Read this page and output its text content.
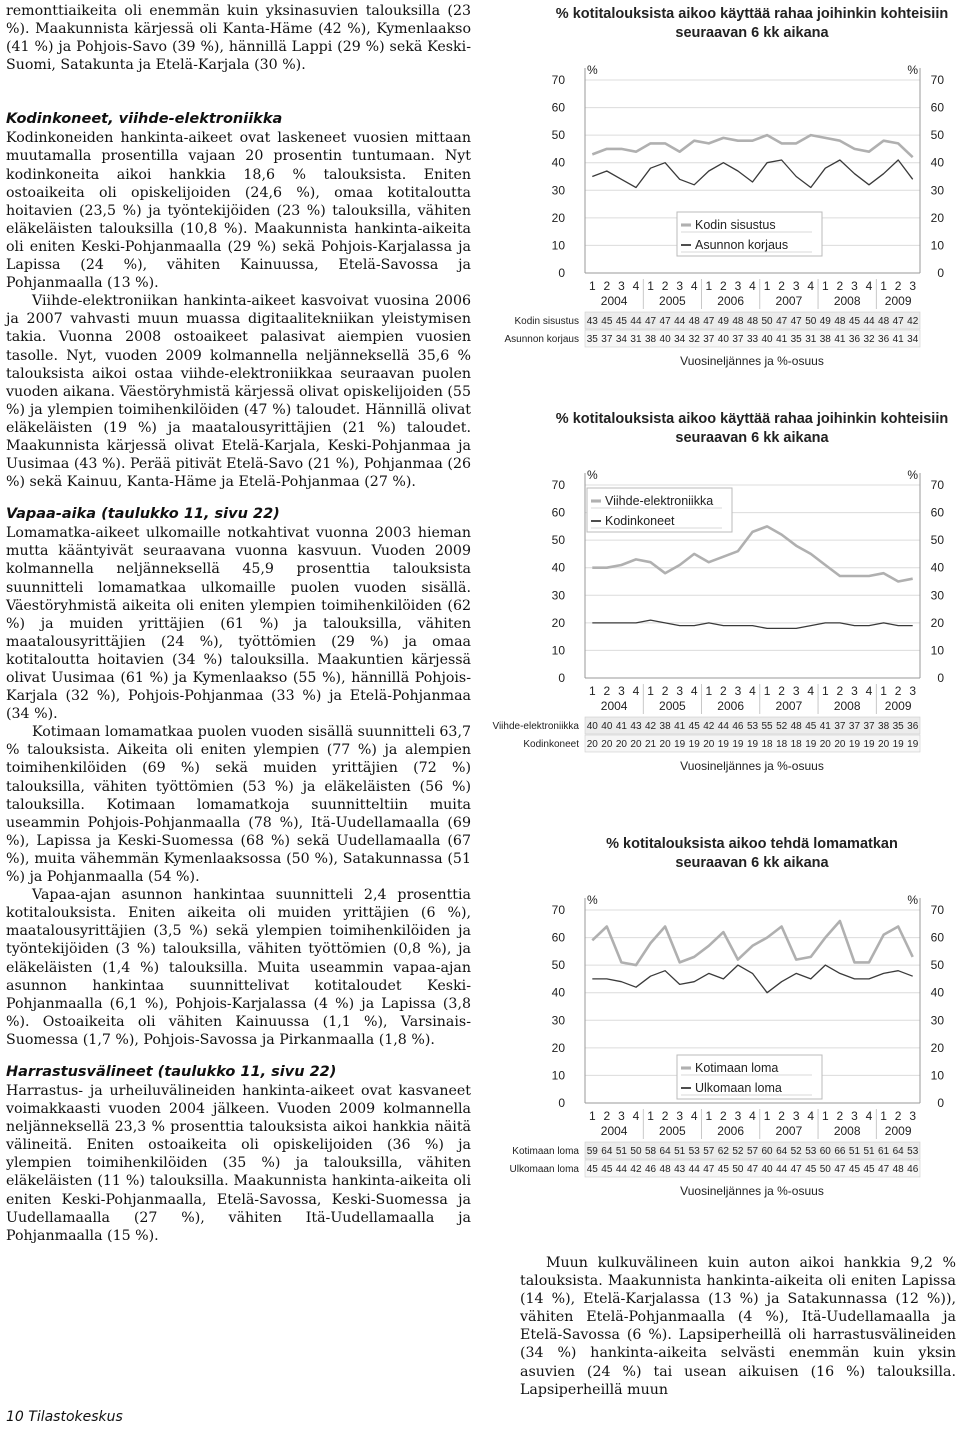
remonttiaikeita oli enemmän kuin yksinasuvien talouksilla (23 %). Maakunnista kärjessä oli Kanta-Häme (42 %), Kymenlaakso (41 %) ja Pohjois-Savo (39 %), hännillä Lappi (29 %) sekä Keski-Suomi, Satakunta ja Etelä-Karjala (30 %).

Kodinkoneet, viihde-elektroniikka

Kodinkoneiden hankinta-aikeet ovat laskeneet vuosien mittaan muutamalla prosentilla vajaan 20 prosentin tuntumaan. Nyt kodinkoneita aikoi hankkia 18,6 % talouksista. Eniten ostoaikeita oli opiskelijoiden (24,6 %), omaa kotitaloutta hoitavien (23,5 %) ja työntekijöiden (23 %) talouksilla, vähiten eläkeläisten talouksilla (10,8 %). Maakunnista hankinta-aikeita oli eniten Keski-Pohjanmaalla (29 %) sekä Pohjois-Karjalassa ja Lapissa (24 %), vähiten Kainuussa, Etelä-Savossa ja Pohjanmaalla (13 %).

Viihde-elektroniikan hankinta-aikeet kasvoivat vuosina 2006 ja 2007 vahvasti muun muassa digitaalitekniikan yleistymisen takia. Vuonna 2008 ostoaikeet palasivat aiempien vuosien tasolle. Nyt, vuoden 2009 kolmannella neljänneksellä 35,6 % talouksista aikoi ostaa viihde-elektroniikkaa seuraavan puolen vuoden aikana. Väestöryhmistä kärjessä olivat opiskelijoiden (55 %) ja ylempien toimihenkilöiden (47 %) taloudet. Hännillä olivat eläkeläisten (19 %) ja maatalousyrittäjien (21 %) taloudet. Maakunnista kärjessä olivat Etelä-Karjala, Keski-Pohjanmaa ja Uusimaa (43 %). Perää pitivät Etelä-Savo (21 %), Pohjanmaa (26 %) sekä Kainuu, Kanta-Häme ja Etelä-Pohjanmaa (27 %).

Vapaa-aika (taulukko 11, sivu 22)

Lomamatka-aikeet ulkomaille notkahtivat vuonna 2003 hieman mutta kääntyivät seuraavana vuonna kasvuun. Vuoden 2009 kolmannella neljänneksellä 45,9 prosenttia talouksista suunnitteli lomamatkaa ulkomaille puolen vuoden sisällä. Väestöryhmistä aikeita oli eniten ylempien toimihenkilöiden (62 %) ja muiden yrittäjien (61 %) ja talouksilla, vähiten maatalousyrittäjien (24 %), työttömien (29 %) ja omaa kotitaloutta hoitavien (34 %) talouksilla. Maakuntien kärjessä olivat Uusimaa (61 %) ja Kymenlaakso (55 %), hännillä Pohjois-Karjala (32 %), Pohjois-Pohjanmaa (33 %) ja Etelä-Pohjanmaa (34 %).

Kotimaan lomamatkaa puolen vuoden sisällä suunnitteli 63,7 % talouksista. Aikeita oli eniten ylempien (77 %) ja alempien toimihenkilöiden (69 %) sekä muiden yrittäjien (72 %) talouksilla, vähiten työttömien (53 %) ja eläkeläisten (56 %) talouksilla. Kotimaan lomamatkoja suunnitteltiin muita useammin Pohjois-Pohjanmaalla (78 %), Itä-Uudellamaalla (69 %), Lapissa ja Keski-Suomessa (68 %) sekä Uudellamaalla (67 %), muita vähemmän Kymenlaaksossa (50 %), Satakunnassa (51 %) ja Pohjanmaalla (54 %).

Vapaa-ajan asunnon hankintaa suunnitteli 2,4 prosenttia kotitalouksista. Eniten aikeita oli muiden yrittäjien (6 %), maatalousyrittäjien (3,5 %) sekä ylempien toimihenkilöiden ja työntekijöiden (3 %) talouksilla, vähiten työttömien (0,8 %), ja eläkeläisten (1,4 %) talouksilla. Muita useammin vapaa-ajan asunnon hankintaa suunnittelivat kotitaloudet Keski-Pohjanmaalla (6,1 %), Pohjois-Karjalassa (4 %) ja Lapissa (3,8 %). Ostoaikeita oli vähiten Kainuussa (1,1 %), Varsinais-Suomessa (1,7 %), Pohjois-Savossa ja Pirkanmaalla (1,8 %).

Harrastusvälineet (taulukko 11, sivu 22)

Harrastus- ja urheiluvälineiden hankinta-aikeet ovat kasvaneet voimakkaasti vuoden 2004 jälkeen. Vuoden 2009 kolmannella neljänneksellä 23,3 % prosenttia talouksista aikoi hankkia näitä välineitä. Eniten ostoaikeita oli opiskelijoiden (36 %) ja ylempien toimihenkilöiden (35 %) ja talouksilla, vähiten eläkeläisten (11 %) talouksilla. Maakunnista hankinta-aikeita oli eniten Keski-Pohjanmaalla, Etelä-Savossa, Keski-Suomessa ja Uudellamaalla (27 %), vähiten Itä-Uudellamaalla ja Pohjanmaalla (15 %).

10 Tilastokeskus
% kotitalouksista aikoo käyttää rahaa joihinkin kohteisiin
seuraavan 6 kk aikana
%	%
0	0
10	10
20	20
30	30
40	40
50	50
60	60
70	70
Kodin sisustus
Asunnon korjaus
1 2 3 4 1 2 3 4 1 2 3 4 1 2 3 4 1 2 3 4 1 2 3
2004	2005	2006	2007	2008 2009
Kodin sisustus 43 45 45 44 47 47 44 48 47 49 48 48 50 47 47 50 49 48 45 44 48 47 42
Asunnon korjaus 35 37 34 31 38 40 34 32 37 40 37 33 40 41 35 31 38 41 36 32 36 41 34
Vuosineljännes ja %-osuus
% kotitalouksista aikoo käyttää rahaa joihinkin kohteisiin
seuraavan 6 kk aikana
%	%
0	0
10	10
20	20
30	30
40	40
50	50
60	60
70	70
Viihde-elektroniikka
Kodinkoneet
1 2 3 4 1 2 3 4 1 2 3 4 1 2 3 4 1 2 3 4 1 2 3
2004	2005	2006	2007	2008 2009
Viihde-elektroniikka 40 40 41 43 42 38 41 45 42 44 46 53 55 52 48 45 41 37 37 37 38 35 36
Kodinkoneet 20 20 20 20 21 20 19 19 20 19 19 19 18 18 18 19 20 20 19 19 20 19 19
Vuosineljännes ja %-osuus
% kotitalouksista aikoo tehdä lomamatkan
seuraavan 6 kk aikana
%	%
0	0
10	10
20	20
30	30
40	40
50	50
60	60
70	70
Kotimaan loma
Ulkomaan loma
1 2 3 4 1 2 3 4 1 2 3 4 1 2 3 4 1 2 3 4 1 2 3
2004	2005	2006	2007	2008 2009
Kotimaan loma 59 64 51 50 58 64 51 53 57 62 52 57 60 64 52 53 60 66 51 51 61 64 53
Ulkomaan loma 45 45 44 42 46 48 43 44 47 45 50 47 40 44 47 45 50 47 45 45 47 48 46
Vuosineljännes ja %-osuus

Muun kulkuvälineen kuin auton aikoi hankkia 9,2 % talouksista. Maakunnista hankinta-aikeita oli eniten Lapissa (14 %), Etelä-Karjalassa (13 %) ja Satakunnassa (12 %)), vähiten Etelä-Pohjanmaalla (4 %), Itä-Uudellamaalla ja Etelä-Savossa (6 %). Lapsiperheillä oli harrastusvälineiden (34 %) hankinta-aikeita selvästi enemmän kuin yksin asuvien (24 %) tai usean aikuisen (16 %) talouksilla. Lapsiperheillä muun
